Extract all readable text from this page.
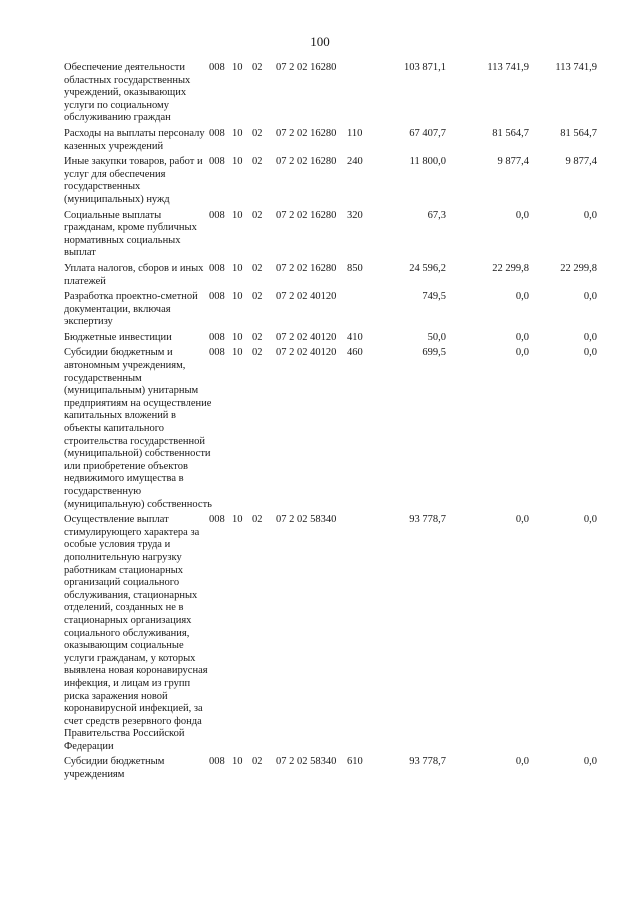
100
Обеспечение деятельности областных государственных учреждений, оказывающих услуги по социальному обслуживанию граждан
008 10 02 07 2 02 16280	103 871,1	113 741,9	113 741,9
Расходы на выплаты персоналу казенных учреждений
008 10 02 07 2 02 16280 110	67 407,7	81 564,7	81 564,7
Иные закупки товаров, работ и услуг для обеспечения государственных (муниципальных) нужд
008 10 02 07 2 02 16280 240	11 800,0	9 877,4	9 877,4
Социальные выплаты гражданам, кроме публичных нормативных социальных выплат
008 10 02 07 2 02 16280 320	67,3	0,0	0,0
Уплата налогов, сборов и иных платежей
008 10 02 07 2 02 16280 850	24 596,2	22 299,8	22 299,8
Разработка проектно-сметной документации, включая экспертизу
008 10 02 07 2 02 40120	749,5	0,0	0,0
Бюджетные инвестиции	008 10 02 07 2 02 40120 410	50,0	0,0	0,0
Субсидии бюджетным и автономным учреждениям, государственным (муниципальным) унитарным предприятиям на осуществление капитальных вложений в объекты капитального строительства государственной (муниципальной) собственности или приобретение объектов недвижимого имущества в государственную (муниципальную) собственность
008 10 02 07 2 02 40120 460	699,5	0,0	0,0
Осуществление выплат стимулирующего характера за особые условия труда и дополнительную нагрузку работникам стационарных организаций социального обслуживания, стационарных отделений, созданных не в стационарных организациях социального обслуживания, оказывающим социальные услуги гражданам, у которых выявлена новая коронавирусная инфекция, и лицам из групп риска заражения новой коронавирусной инфекцией, за счет средств резервного фонда Правительства Российской Федерации
008 10 02 07 2 02 58340	93 778,7	0,0	0,0
Субсидии бюджетным учреждениям
008 10 02 07 2 02 58340 610	93 778,7	0,0	0,0
